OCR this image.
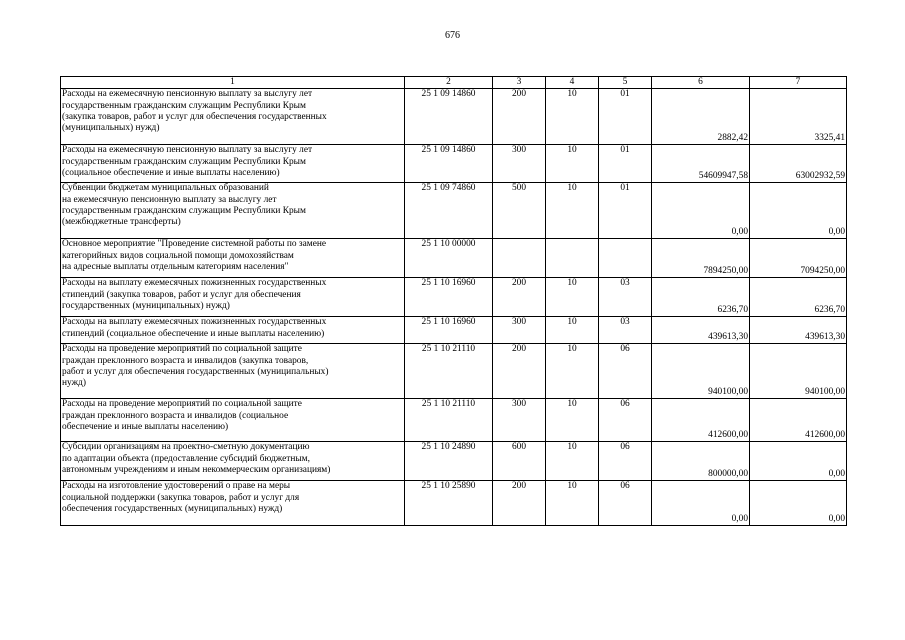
676
1	2	3	4	5	6	7

Расходы на ежемесячную пенсионную выплату за выслугу лет
государственным гражданским служащим Республики Крым
(закупка товаров, работ и услуг для обеспечения государственных
(муниципальных) нужд)	25 1 09 14860	200	10	01	2882,42	3325,41

Расходы на ежемесячную пенсионную выплату за выслугу лет
государственным гражданским служащим Республики Крым
(социальное обеспечение и иные выплаты населению)	25 1 09 14860	300	10	01	54609947,58	63002932,59

Субвенции бюджетам муниципальных образований
на ежемесячную пенсионную выплату за выслугу лет
государственным гражданским служащим Республики Крым
(межбюджетные трансферты)	25 1 09 74860	500	10	01	0,00	0,00

Основное мероприятие "Проведение системной работы по замене
категорийных видов социальной помощи домохозяйствам
на адресные выплаты отдельным категориям населения"	25 1 10 00000				7894250,00	7094250,00

Расходы на выплату ежемесячных пожизненных государственных
стипендий (закупка товаров, работ и услуг для обеспечения
государственных (муниципальных) нужд)	25 1 10 16960	200	10	03	6236,70	6236,70

Расходы на выплату ежемесячных пожизненных государственных
стипендий (социальное обеспечение и иные выплаты населению)	25 1 10 16960	300	10	03	439613,30	439613,30

Расходы на проведение мероприятий по социальной защите
граждан преклонного возраста и инвалидов (закупка товаров,
работ и услуг для обеспечения государственных (муниципальных)
нужд)	25 1 10 21110	200	10	06	940100,00	940100,00

Расходы на проведение мероприятий по социальной защите
граждан преклонного возраста и инвалидов (социальное
обеспечение и иные выплаты населению)	25 1 10 21110	300	10	06	412600,00	412600,00

Субсидии организациям на проектно-сметную документацию
по адаптации объекта (предоставление субсидий бюджетным,
автономным учреждениям и иным некоммерческим организациям)	25 1 10 24890	600	10	06	800000,00	0,00

Расходы на изготовление удостоверений о праве на меры
социальной поддержки (закупка товаров, работ и услуг для
обеспечения государственных (муниципальных) нужд)	25 1 10 25890	200	10	06	0,00	0,00
